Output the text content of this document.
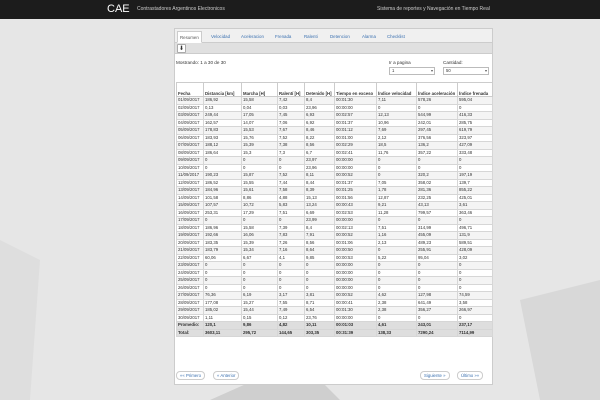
CAE Contrastadores Argentinos Electronicos	Sistema de reportes y Navegación en Tiempo Real
Resumen	Velocidad	Aceleracion	Frenada	Ralenti	Detencion	Alarma	Checklist
⬇
Mostrando: 1 a 30 de 30	Ir a pagina
1	▾
Cantidad:
50	▾
Fecha	Distancia [km]	Marcha [H]	Ralentí [H]	Detenido [H]	Tiempo en exceso	Índice velocidad	Índice aceleración	Índice frenada
01/09/2017	186,92	15,58	7,42	8,4	00:01:30	7,11	578,26	595,04
02/09/2017	0,13	0,04	0,03	23,96	00:00:00	0	0	0
03/09/2017	249,44	17,05	7,45	6,93	00:02:57	12,13	544,99	416,33
04/09/2017	162,57	14,07	7,06	6,92	00:01:37	10,96	242,01	285,75
05/09/2017	178,83	15,53	7,67	8,46	00:01:12	7,69	297,45	619,79
06/09/2017	183,93	15,76	7,52	8,22	00:01:00	2,12	376,56	323,97
07/09/2017	188,12	15,39	7,38	8,56	00:02:29	18,5	136,2	427,09
08/09/2017	186,64	15,3	7,3	6,7	00:02:41	11,76	357,22	333,48
09/09/2017	0	0	0	23,97	00:00:00	0	0	0
10/09/2017	0	0	0	23,96	00:00:00	0	0	0
11/09/2017	190,23	15,87	7,52	8,11	00:00:52	0	320,2	197,19
12/09/2017	186,52	15,55	7,44	8,44	00:01:37	7,05	358,02	139,7
13/09/2017	184,96	15,61	7,58	8,39	00:01:25	1,78	281,36	855,22
14/09/2017	101,58	8,86	4,88	15,13	00:01:56	12,87	232,25	425,01
15/09/2017	107,57	10,72	5,83	13,24	00:00:43	9,21	43,13	3,61
16/09/2017	253,31	17,29	7,51	6,69	00:02:53	11,28	799,57	363,46
17/09/2017	0	0	0	23,99	00:00:00	0	0	0
18/09/2017	186,96	15,58	7,39	8,4	00:02:13	7,51	314,99	496,71
19/09/2017	192,66	16,06	7,83	7,91	00:00:52	1,16	455,09	131,9
20/09/2017	183,35	15,39	7,26	8,56	00:01:06	2,13	489,23	589,51
21/09/2017	183,79	15,34	7,16	8,64	00:00:50	0	255,91	428,09
22/09/2017	60,06	6,67	4,1	9,85	00:00:53	5,22	95,04	3,02
23/09/2017	0	0	0	0	00:00:00	0	0	0
24/09/2017	0	0	0	0	00:00:00	0	0	0
25/09/2017	0	0	0	0	00:00:00	0	0	0
26/09/2017	0	0	0	0	00:00:00	0	0	0
27/09/2017	76,36	6,19	3,17	3,81	00:00:52	4,62	127,98	74,59
28/09/2017	177,08	15,27	7,55	8,71	00:00:41	2,38	641,49	3,58
29/09/2017	185,02	15,44	7,49	6,54	00:01:30	2,38	356,27	266,97
30/09/2017	1,11	0,15	0,12	23,76	00:00:00	0	0	0
Promedio:	120,1	9,86	4,82	10,11	00:01:03	4,61	243,01	237,17
Total:	3603,11	295,72	144,65	303,35	00:31:39	138,33	7290,24	7114,99
«« Primero	« Anterior	Siguiente »	Último »»
